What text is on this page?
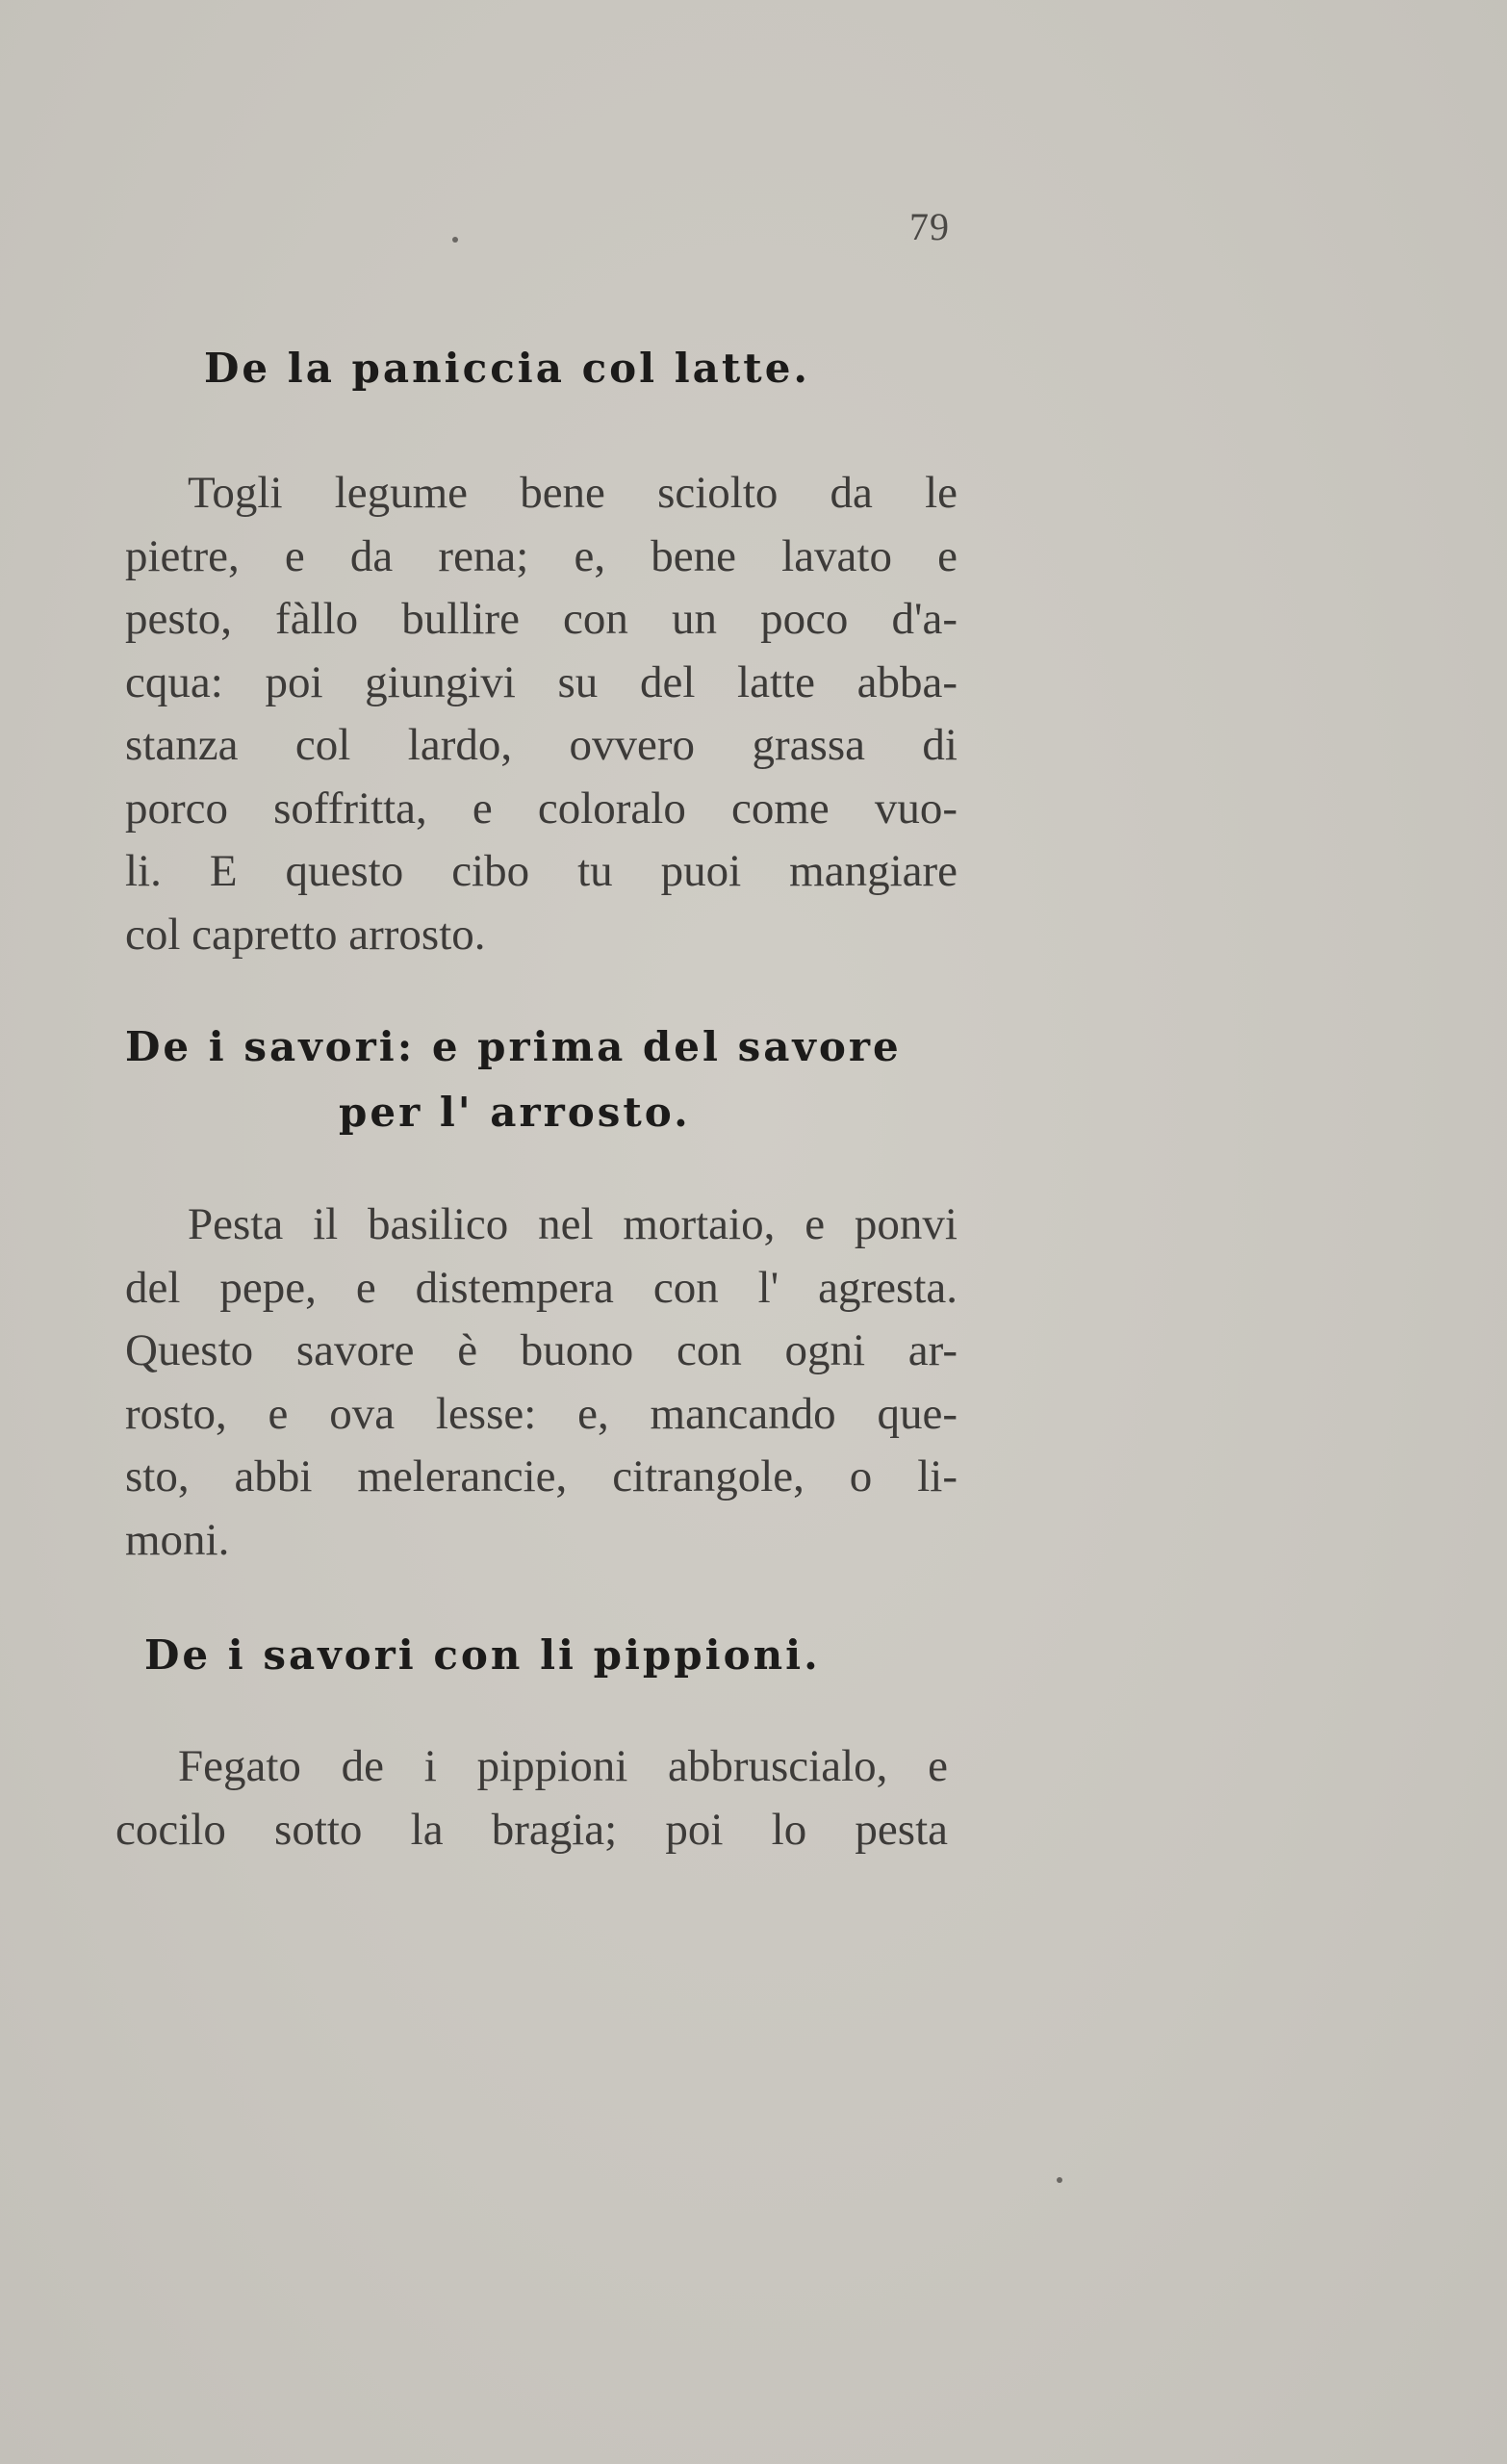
79
De la paniccia col latte.
Togli legume bene sciolto da le
pietre, e da rena; e, bene lavato e
pesto, fàllo bullire con un poco d'a-
cqua: poi giungivi su del latte abba-
stanza col lardo, ovvero grassa di
porco soffritta, e coloralo come vuo-
li. E questo cibo tu puoi mangiare
col capretto arrosto.
De i savori: e prima del savore
per l' arrosto.
Pesta il basilico nel mortaio, e ponvi
del pepe, e distempera con l' agresta.
Questo savore è buono con ogni ar-
rosto, e ova lesse: e, mancando que-
sto, abbi melerancie, citrangole, o li-
moni.
De i savori con li pippioni.
Fegato de i pippioni abbruscialo, e
cocilo sotto la bragia; poi lo pesta
